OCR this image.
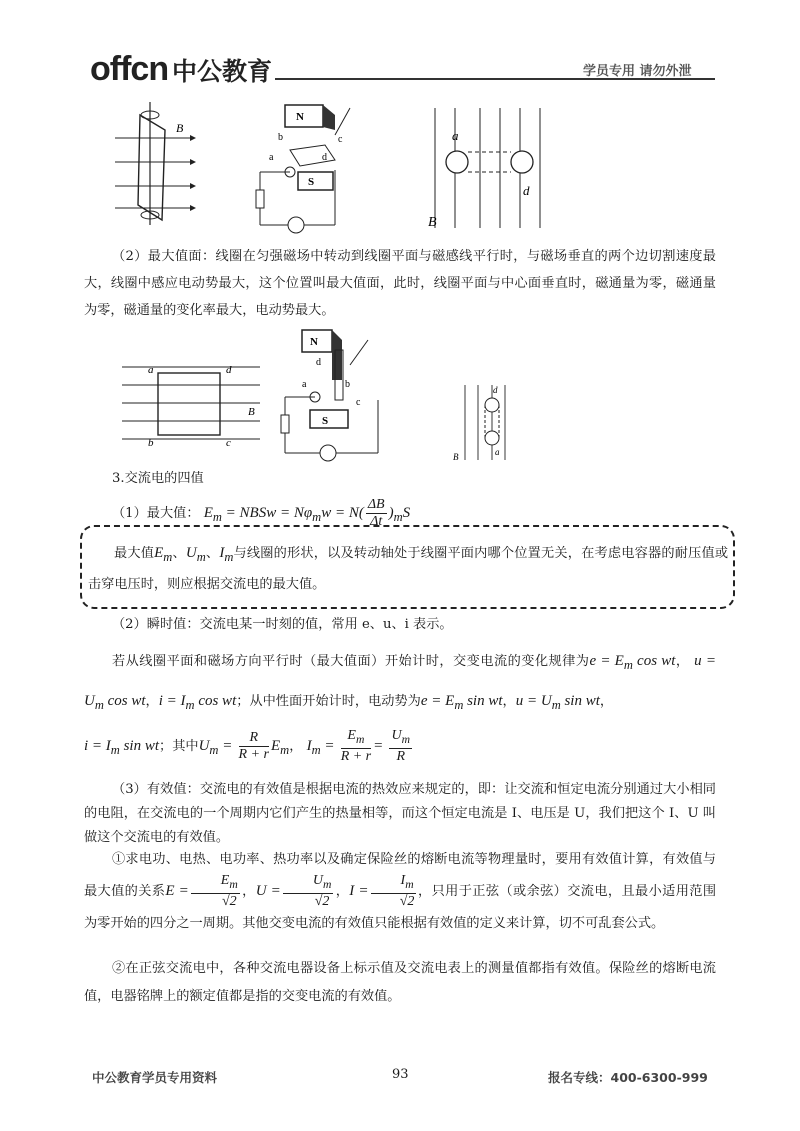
offcn 中公教育	学员专用 请勿外泄
B
N
S
b	c
a	d
a
d
B
（2）最大值面：线圈在匀强磁场中转动到线圈平面与磁感线平行时，与磁场垂直的两个边切割速度最大，线圈中感应电动势最大，这个位置叫最大值面，此时，线圈平面与中心面垂直时，磁通量为零，磁通量为零，磁通量的变化率最大，电动势最大。
a	d
b	c
B
N
S
d
a	b
c
d
a
B
3.交流电的四值
（1）最大值： $E_m$ = NBSw = $N\varphi_mw = N( \frac{\Delta B}{\Delta t} )_mS$
最大值$E_m$、$U_m$、$I_m$与线圈的形状，以及转动轴处于线圈平面内哪个位置无关，在考虑电容器的耐压值或击穿电压时，则应根据交流电的最大值。
（2）瞬时值：交流电某一时刻的值，常用 e、u、i 表示。
若从线圈平面和磁场方向平行时（最大值面）开始计时，交变电流的变化规律为$e = E_m$ cos wt， $u = U_m$ cos wt，$i = I_m$ cos wt；从中性面开始计时，电动势为$e = E_m$ sin wt，$u = U_m$ sin wt，
$i = I_m$ sin wt；其中$U_m = \frac{R}{R + r} E_m$， $I_m = \frac{E_m}{R + r} = \frac{U_m}{R}$
（3）有效值：交流电的有效值是根据电流的热效应来规定的，即：让交流和恒定电流分别通过大小相同的电阻，在交流电的一个周期内它们产生的热量相等，而这个恒定电流是 I、电压是 U，我们把这个 I、U 叫做这个交流电的有效值。
①求电功、电热、电功率、热功率以及确定保险丝的熔断电流等物理量时，要用有效值计算，有效值与最大值的关系$E = \frac{E_m}{√2}$ ，$U = \frac{U_m}{√2}$ ，$I = \frac{I_m}{√2}$ ，只用于正弦（或余弦）交流电，且最小适用范围为零开始的四分之一周期。其他交变电流的有效值只能根据有效值的定义来计算，切不可乱套公式。
②在正弦交流电中，各种交流电器设备上标示值及交流电表上的测量值都指有效值。保险丝的熔断电流值，电器铭牌上的额定值都是指的交变电流的有效值。
中公教育学员专用资料	93	报名专线：400-6300-999
